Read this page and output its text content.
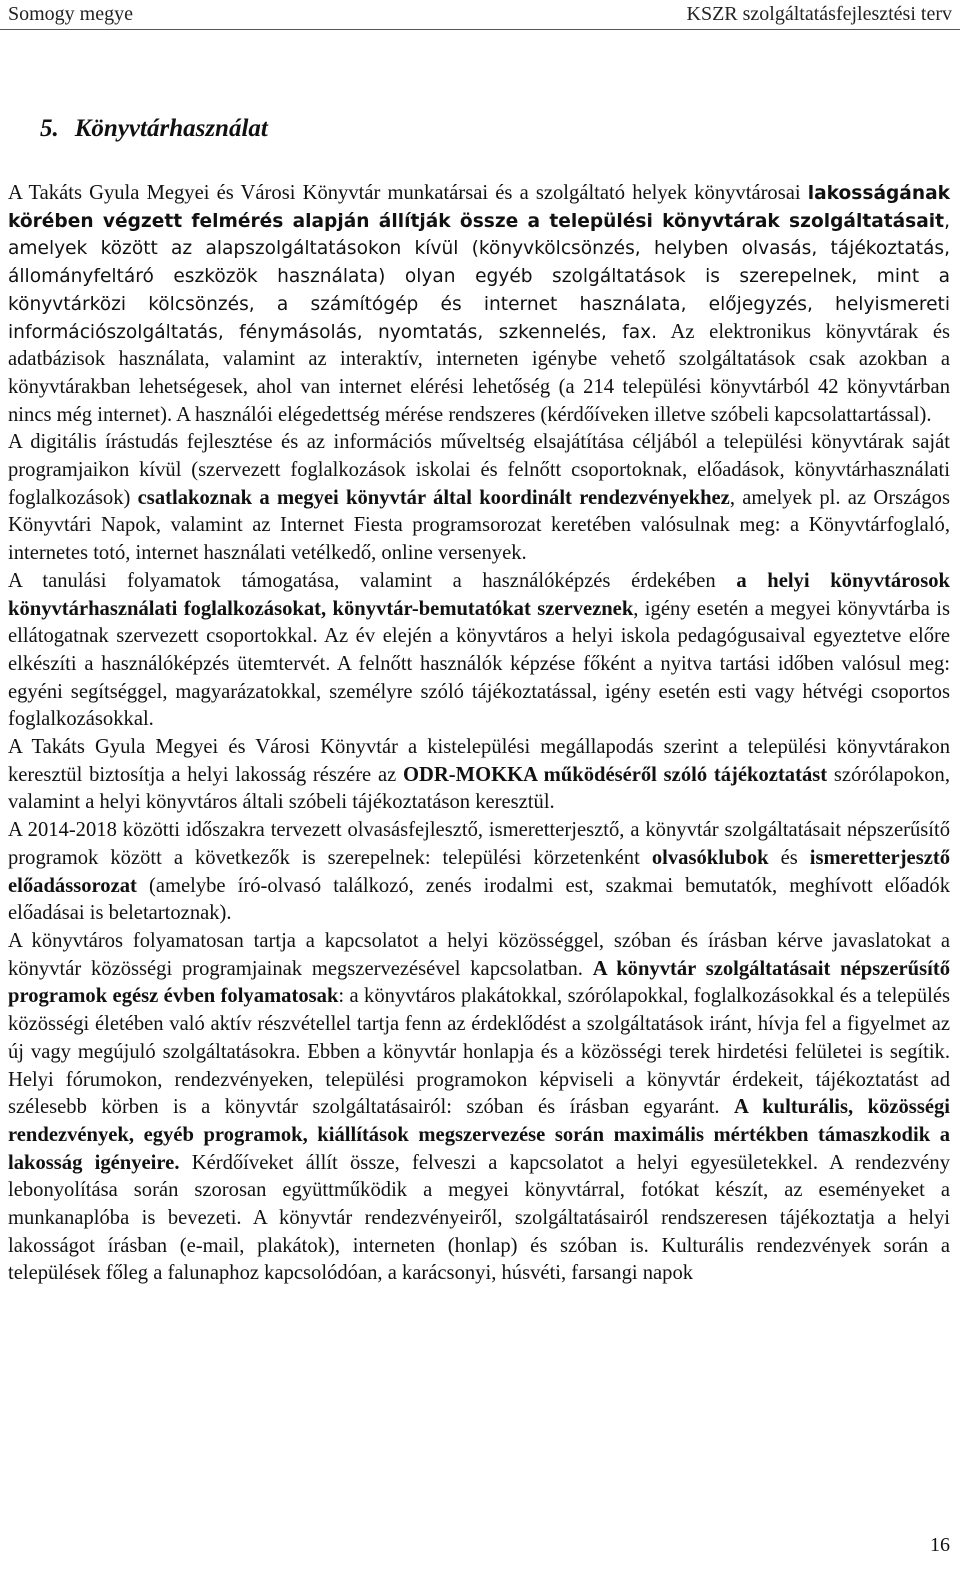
Somogy megye	KSZR szolgáltatásfejlesztési terv
5. Könyvtárhasználat

A Takáts Gyula Megyei és Városi Könyvtár munkatársai és a szolgáltató helyek könyvtárosai lakosságának körében végzett felmérés alapján állítják össze a települési könyvtárak szolgáltatásait, amelyek között az alapszolgáltatásokon kívül (könyvkölcsönzés, helyben olvasás, tájékoztatás, állományfeltáró eszközök használata) olyan egyéb szolgáltatások is szerepelnek, mint a könyvtárközi kölcsönzés, a számítógép és internet használata, előjegyzés, helyismereti információszolgáltatás, fénymásolás, nyomtatás, szkennelés, fax. Az elektronikus könyvtárak és adatbázisok használata, valamint az interaktív, interneten igénybe vehető szolgáltatások csak azokban a könyvtárakban lehetségesek, ahol van internet elérési lehetőség (a 214 települési könyvtárból 42 könyvtárban nincs még internet). A használói elégedettség mérése rendszeres (kérdőíveken illetve szóbeli kapcsolattartással).

A digitális írástudás fejlesztése és az információs műveltség elsajátítása céljából a települési könyvtárak saját programjaikon kívül (szervezett foglalkozások iskolai és felnőtt csoportoknak, előadások, könyvtárhasználati foglalkozások) csatlakoznak a megyei könyvtár által koordinált rendezvényekhez, amelyek pl. az Országos Könyvtári Napok, valamint az Internet Fiesta programsorozat keretében valósulnak meg: a Könyvtárfoglaló, internetes totó, internet használati vetélkedő, online versenyek.

A tanulási folyamatok támogatása, valamint a használóképzés érdekében a helyi könyvtárosok könyvtárhasználati foglalkozásokat, könyvtár-bemutatókat szerveznek, igény esetén a megyei könyvtárba is ellátogatnak szervezett csoportokkal. Az év elején a könyvtáros a helyi iskola pedagógusaival egyeztetve előre elkészíti a használóképzés ütemtervét. A felnőtt használók képzése főként a nyitva tartási időben valósul meg: egyéni segítséggel, magyarázatokkal, személyre szóló tájékoztatással, igény esetén esti vagy hétvégi csoportos foglalkozásokkal.

A Takáts Gyula Megyei és Városi Könyvtár a kistelepülési megállapodás szerint a települési könyvtárakon keresztül biztosítja a helyi lakosság részére az ODR-MOKKA működéséről szóló tájékoztatást szórólapokon, valamint a helyi könyvtáros általi szóbeli tájékoztatáson keresztül.

A 2014-2018 közötti időszakra tervezett olvasásfejlesztő, ismeretterjesztő, a könyvtár szolgáltatásait népszerűsítő programok között a következők is szerepelnek: települési körzetenként olvasóklubok és ismeretterjesztő előadássorozat (amelybe író-olvasó találkozó, zenés irodalmi est, szakmai bemutatók, meghívott előadók előadásai is beletartoznak).

A könyvtáros folyamatosan tartja a kapcsolatot a helyi közösséggel, szóban és írásban kérve javaslatokat a könyvtár közösségi programjainak megszervezésével kapcsolatban. A könyvtár szolgáltatásait népszerűsítő programok egész évben folyamatosak: a könyvtáros plakátokkal, szórólapokkal, foglalkozásokkal és a település közösségi életében való aktív részvétellel tartja fenn az érdeklődést a szolgáltatások iránt, hívja fel a figyelmet az új vagy megújuló szolgáltatásokra. Ebben a könyvtár honlapja és a közösségi terek hirdetési felületei is segítik. Helyi fórumokon, rendezvényeken, települési programokon képviseli a könyvtár érdekeit, tájékoztatást ad szélesebb körben is a könyvtár szolgáltatásairól: szóban és írásban egyaránt. A kulturális, közösségi rendezvények, egyéb programok, kiállítások megszervezése során maximális mértékben támaszkodik a lakosság igényeire. Kérdőíveket állít össze, felveszi a kapcsolatot a helyi egyesületekkel. A rendezvény lebonyolítása során szorosan együttműködik a megyei könyvtárral, fotókat készít, az eseményeket a munkanaplóba is bevezeti. A könyvtár rendezvényeiről, szolgáltatásairól rendszeresen tájékoztatja a helyi lakosságot írásban (e-mail, plakátok), interneten (honlap) és szóban is. Kulturális rendezvények során a települések főleg a falunaphoz kapcsolódóan, a karácsonyi, húsvéti, farsangi napok

16
